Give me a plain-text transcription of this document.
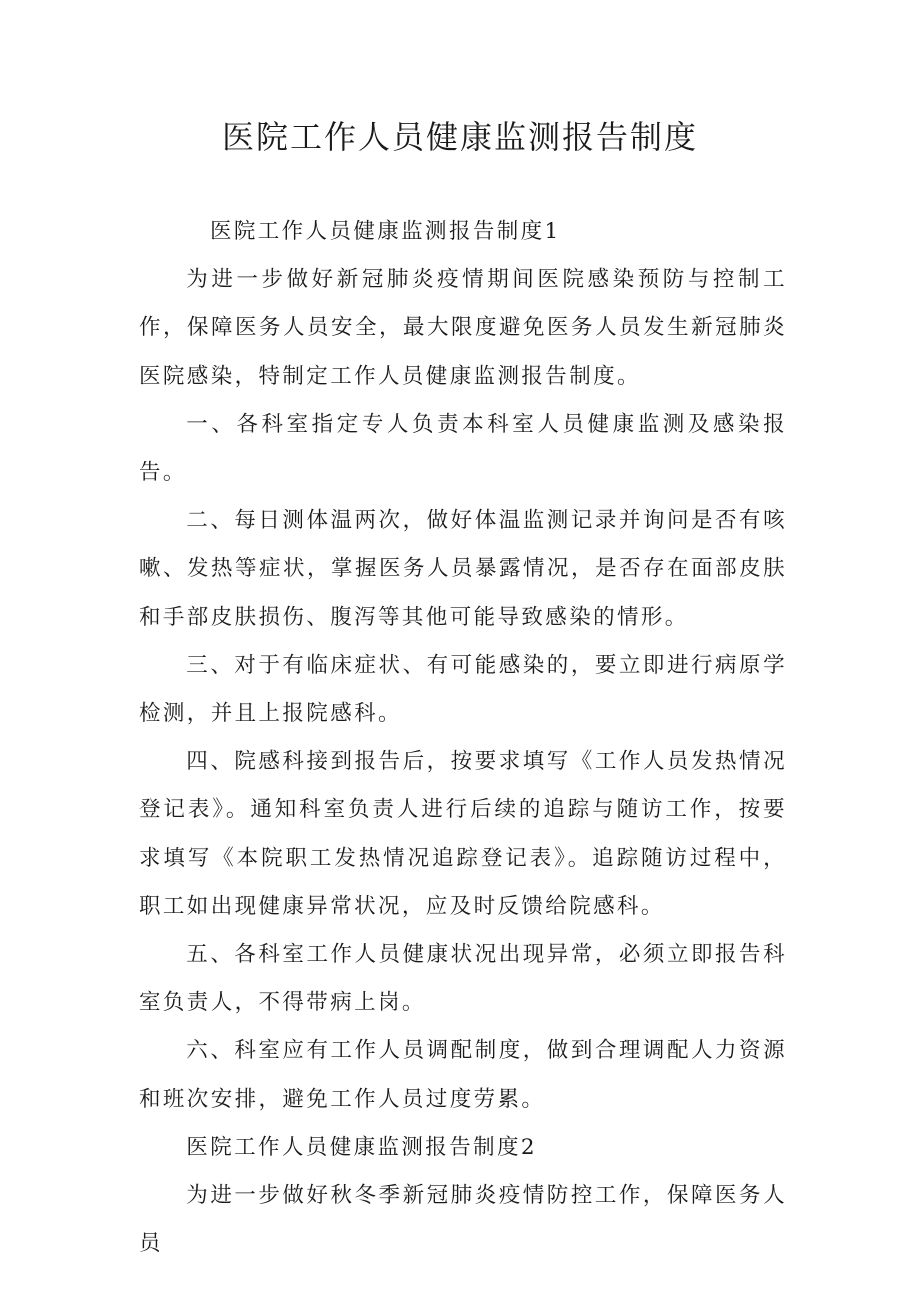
医院工作人员健康监测报告制度

医院工作人员健康监测报告制度1

为进一步做好新冠肺炎疫情期间医院感染预防与控制工作，保障医务人员安全，最大限度避免医务人员发生新冠肺炎医院感染，特制定工作人员健康监测报告制度。

一、各科室指定专人负责本科室人员健康监测及感染报告。

二、每日测体温两次，做好体温监测记录并询问是否有咳嗽、发热等症状，掌握医务人员暴露情况，是否存在面部皮肤和手部皮肤损伤、腹泻等其他可能导致感染的情形。

三、对于有临床症状、有可能感染的，要立即进行病原学检测，并且上报院感科。

四、院感科接到报告后，按要求填写《工作人员发热情况登记表》。通知科室负责人进行后续的追踪与随访工作，按要求填写《本院职工发热情况追踪登记表》。追踪随访过程中，职工如出现健康异常状况，应及时反馈给院感科。

五、各科室工作人员健康状况出现异常，必须立即报告科室负责人，不得带病上岗。

六、科室应有工作人员调配制度，做到合理调配人力资源和班次安排，避免工作人员过度劳累。

医院工作人员健康监测报告制度2

为进一步做好秋冬季新冠肺炎疫情防控工作，保障医务人员
